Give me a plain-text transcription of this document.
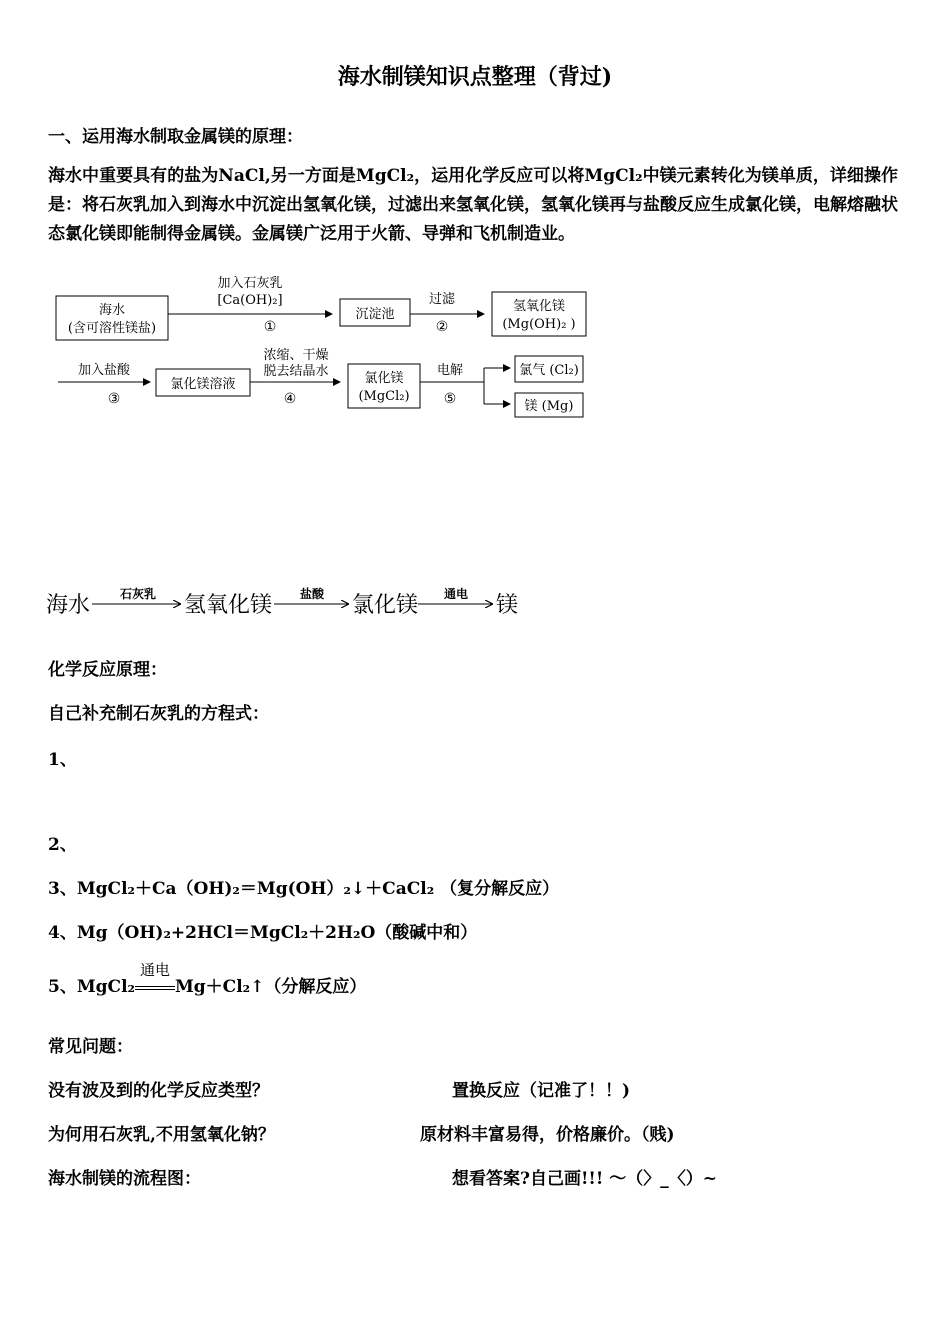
海水制镁知识点整理（背过)
一、运用海水制取金属镁的原理：
海水中重要具有的盐为NaCl,另一方面是MgCl₂，运用化学反应可以将MgCl₂中镁元素转化为镁单质，详细操作是：将石灰乳加入到海水中沉淀出氢氧化镁，过滤出来氢氧化镁，氢氧化镁再与盐酸反应生成氯化镁，电解熔融状态氯化镁即能制得金属镁。金属镁广泛用于火箭、导弹和飞机制造业。
海水
(含可溶性镁盐)
加入石灰乳
[Ca(OH)₂]
①
沉淀池
过滤
②
氢氧化镁
(Mg(OH)₂ )
加入盐酸
③
氯化镁溶液
浓缩、干燥
脱去结晶水
④
氯化镁
(MgCl₂)
电解
⑤
氯气 (Cl₂)
镁 (Mg)
海水 石灰乳 氢氧化镁 盐酸 氯化镁 通电 镁
化学反应原理：
自己补充制石灰乳的方程式：
1、
2、
3、MgCl₂＋Ca（OH)₂＝Mg(OH）₂↓＋CaCl₂ （复分解反应）
4、Mg（OH)₂+2HCl＝MgCl₂＋2H₂O（酸碱中和）
5、MgCl₂
通电
Mg＋Cl₂↑（分解反应）
常见问题：
没有波及到的化学反应类型？	置换反应（记准了！！)
为何用石灰乳,不用氢氧化钠？	原材料丰富易得，价格廉价。（贱)
海水制镁的流程图：	想看答案?自己画!!! ～（〉_〈）~
